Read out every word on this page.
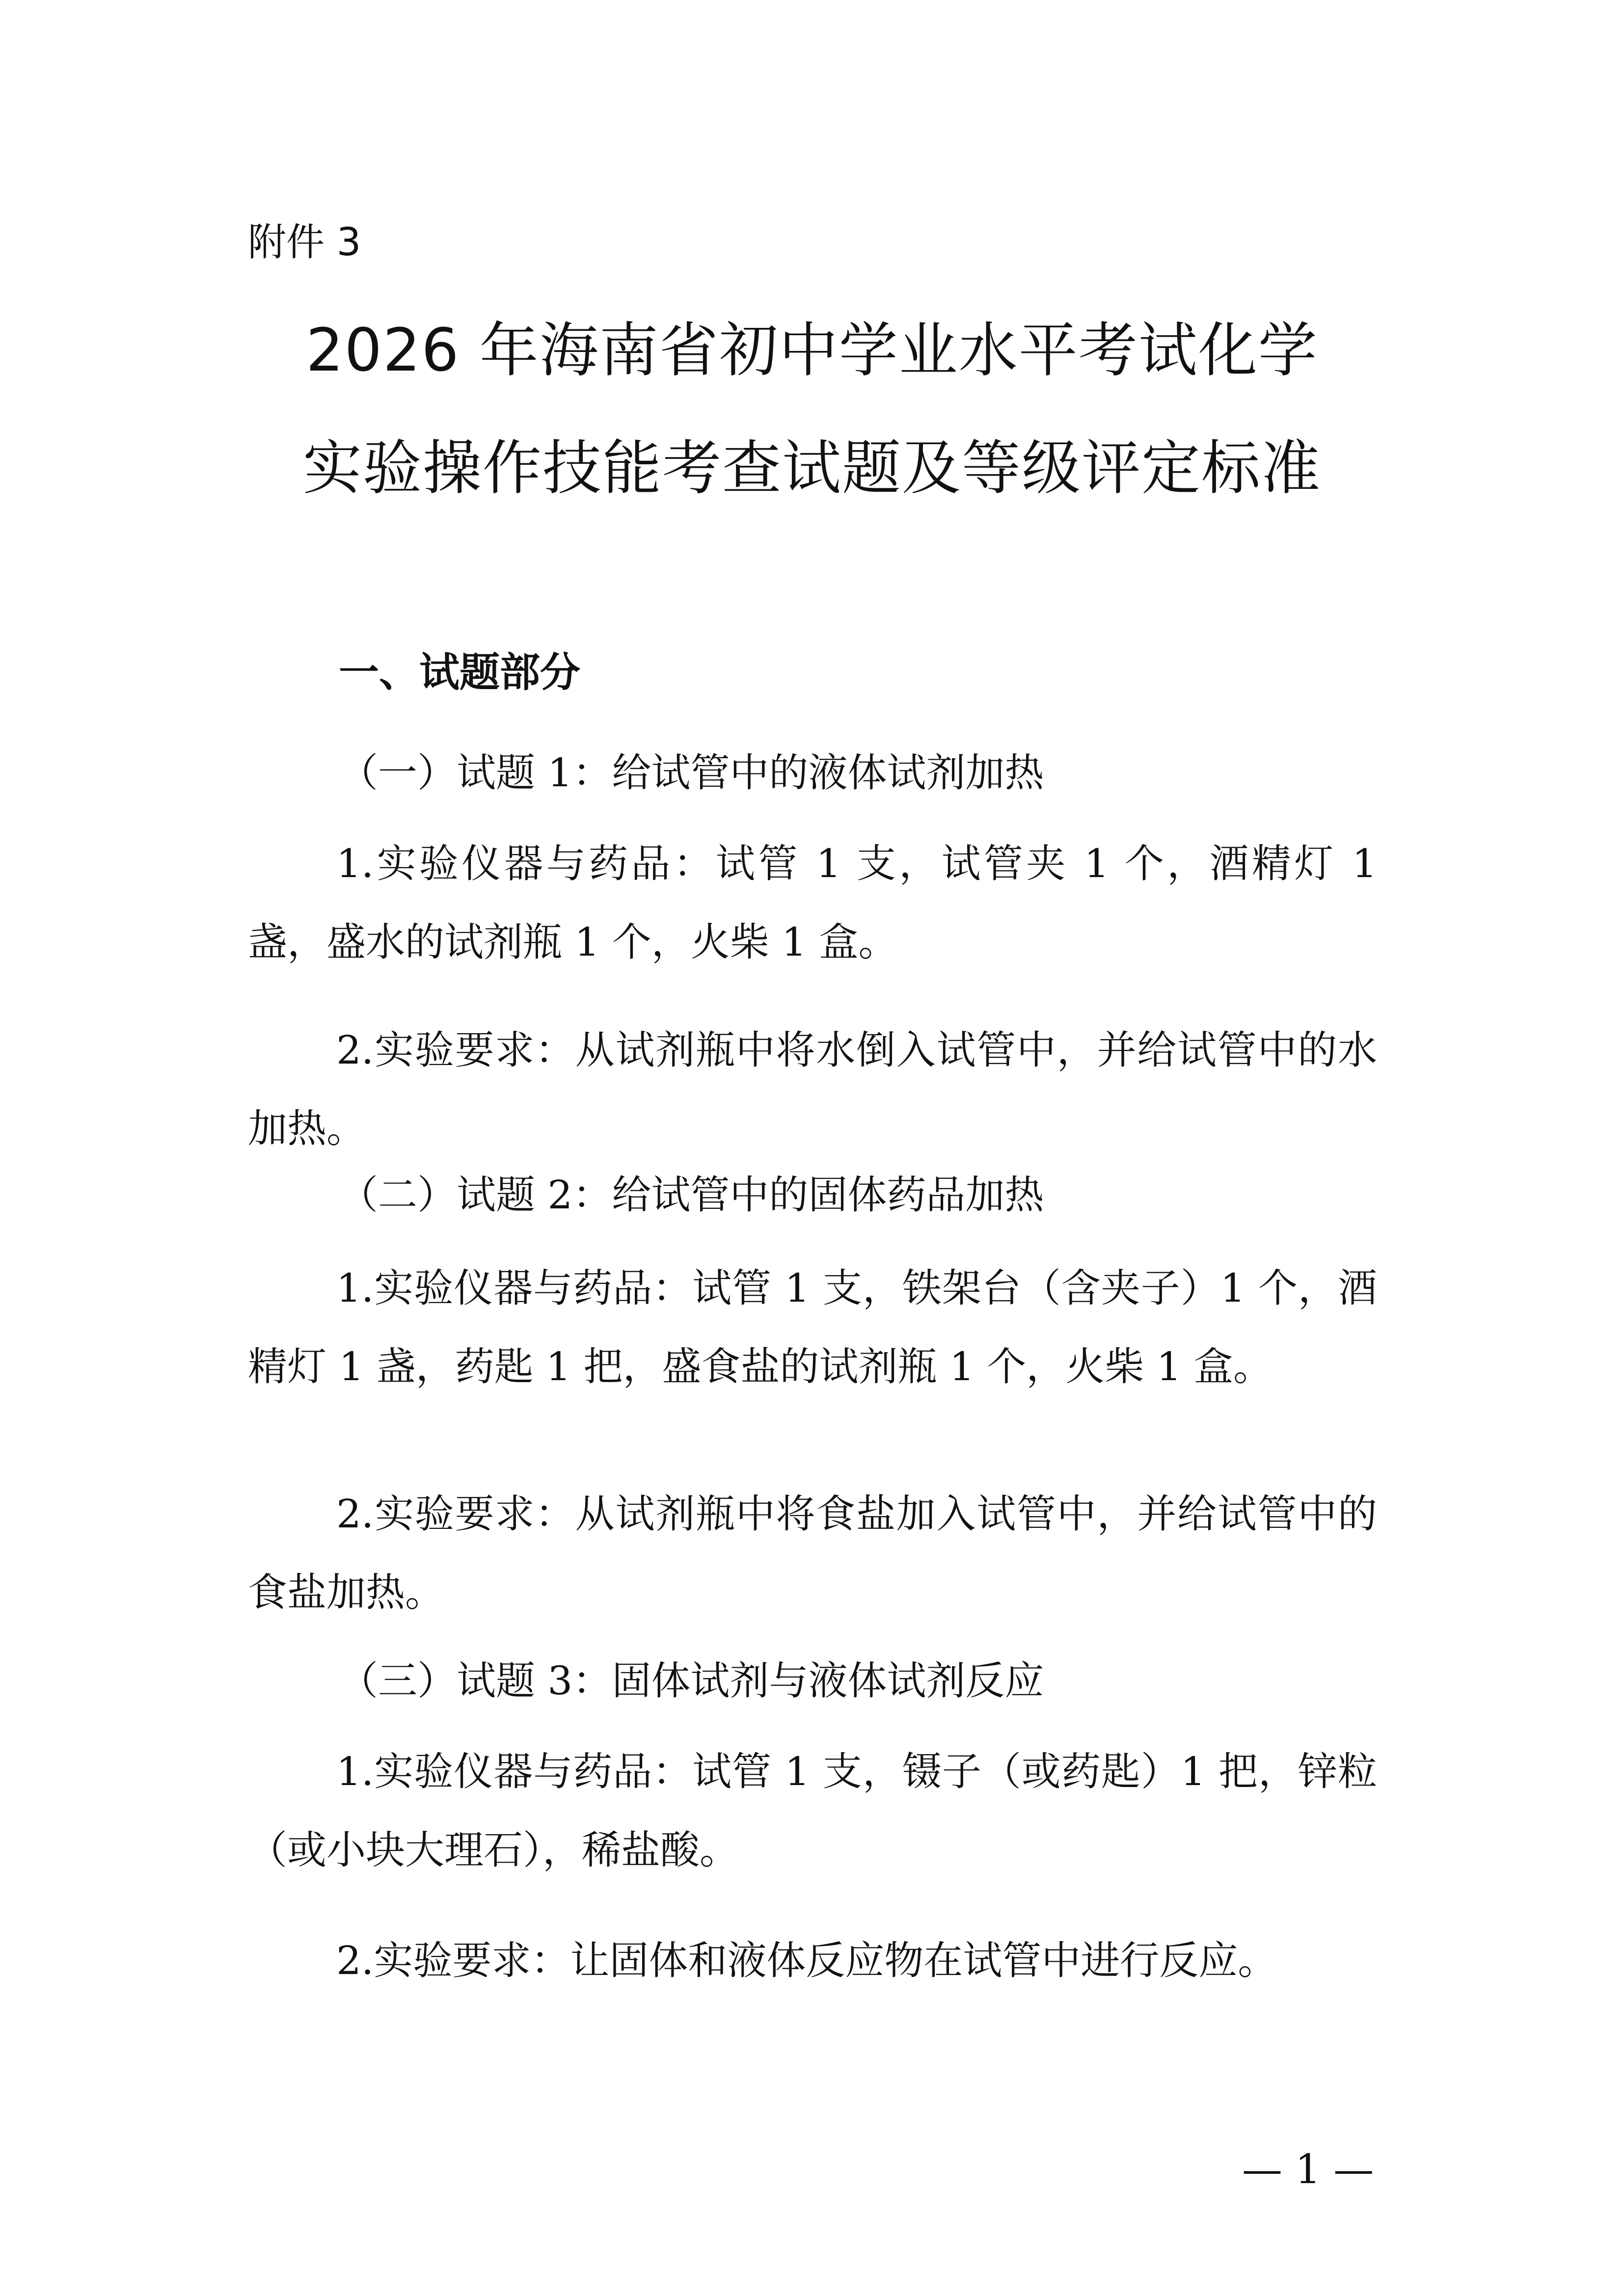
附件 3
2026 年海南省初中学业水平考试化学
实验操作技能考查试题及等级评定标准
一、试题部分
（一）试题 1：给试管中的液体试剂加热
1.实验仪器与药品：试管 1 支，试管夹 1 个，酒精灯 1 盏，盛水的试剂瓶 1 个，火柴 1 盒。
2.实验要求：从试剂瓶中将水倒入试管中，并给试管中的水加热。
（二）试题 2：给试管中的固体药品加热
1.实验仪器与药品：试管 1 支，铁架台（含夹子）1 个，酒精灯 1 盏，药匙 1 把，盛食盐的试剂瓶 1 个，火柴 1 盒。
2.实验要求：从试剂瓶中将食盐加入试管中，并给试管中的食盐加热。
（三）试题 3：固体试剂与液体试剂反应
1.实验仪器与药品：试管 1 支，镊子（或药匙）1 把，锌粒（或小块大理石），稀盐酸。
2.实验要求：让固体和液体反应物在试管中进行反应。
— 1 —
